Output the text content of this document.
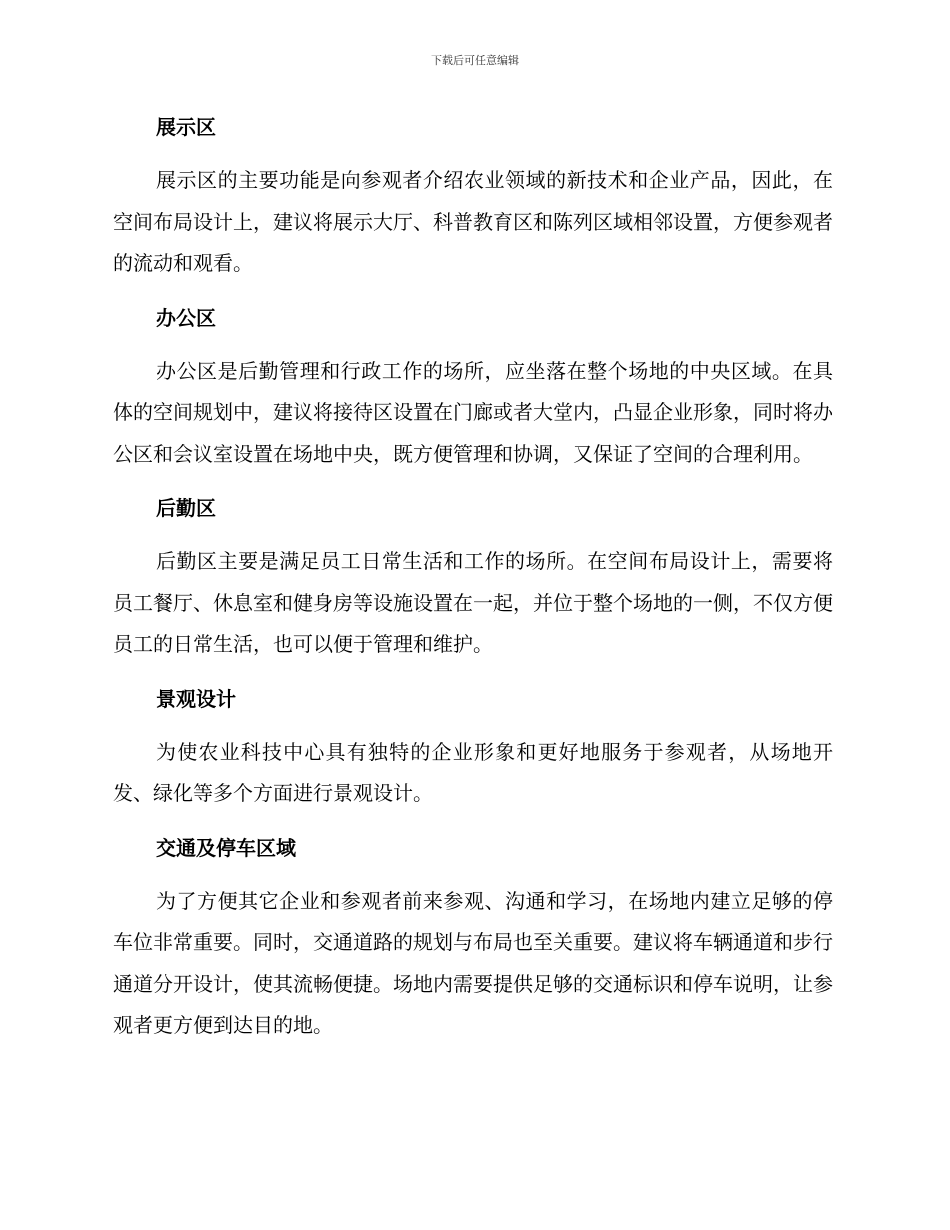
下载后可任意编辑
展示区

展示区的主要功能是向参观者介绍农业领域的新技术和企业产品，因此，在空间布局设计上，建议将展示大厅、科普教育区和陈列区域相邻设置，方便参观者的流动和观看。

办公区

办公区是后勤管理和行政工作的场所，应坐落在整个场地的中央区域。在具体的空间规划中，建议将接待区设置在门廊或者大堂内，凸显企业形象，同时将办公区和会议室设置在场地中央，既方便管理和协调，又保证了空间的合理利用。

后勤区

后勤区主要是满足员工日常生活和工作的场所。在空间布局设计上，需要将员工餐厅、休息室和健身房等设施设置在一起，并位于整个场地的一侧，不仅方便员工的日常生活，也可以便于管理和维护。

景观设计

为使农业科技中心具有独特的企业形象和更好地服务于参观者，从场地开发、绿化等多个方面进行景观设计。

交通及停车区域

为了方便其它企业和参观者前来参观、沟通和学习，在场地内建立足够的停车位非常重要。同时，交通道路的规划与布局也至关重要。建议将车辆通道和步行通道分开设计，使其流畅便捷。场地内需要提供足够的交通标识和停车说明，让参观者更方便到达目的地。
